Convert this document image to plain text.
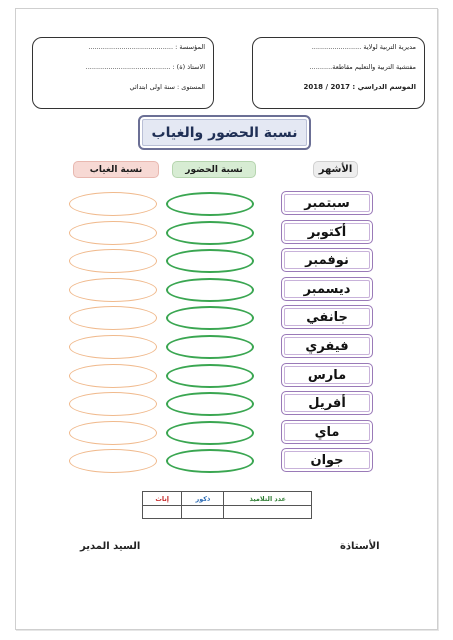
مديرية التربية لولاية ........................
مفتشية التربية والتعليم مقاطعة...........
الموسم الدراسي : 2017 / 2018
المؤسسة : .........................................
الأستاذ (ة) : .........................................
المستوى : سنة أولى ابتدائي
نسبة الحضور والغياب
الأشهر
نسبة الحضور
نسبة الغياب
سبتمبر
أكتوبر
نوفمبر
ديسمبر
جانفي
فيفري
مارس
أفريل
ماي
جوان
عدد التلاميذ	ذكور	إناث

الأستاذة
السيد المدير
